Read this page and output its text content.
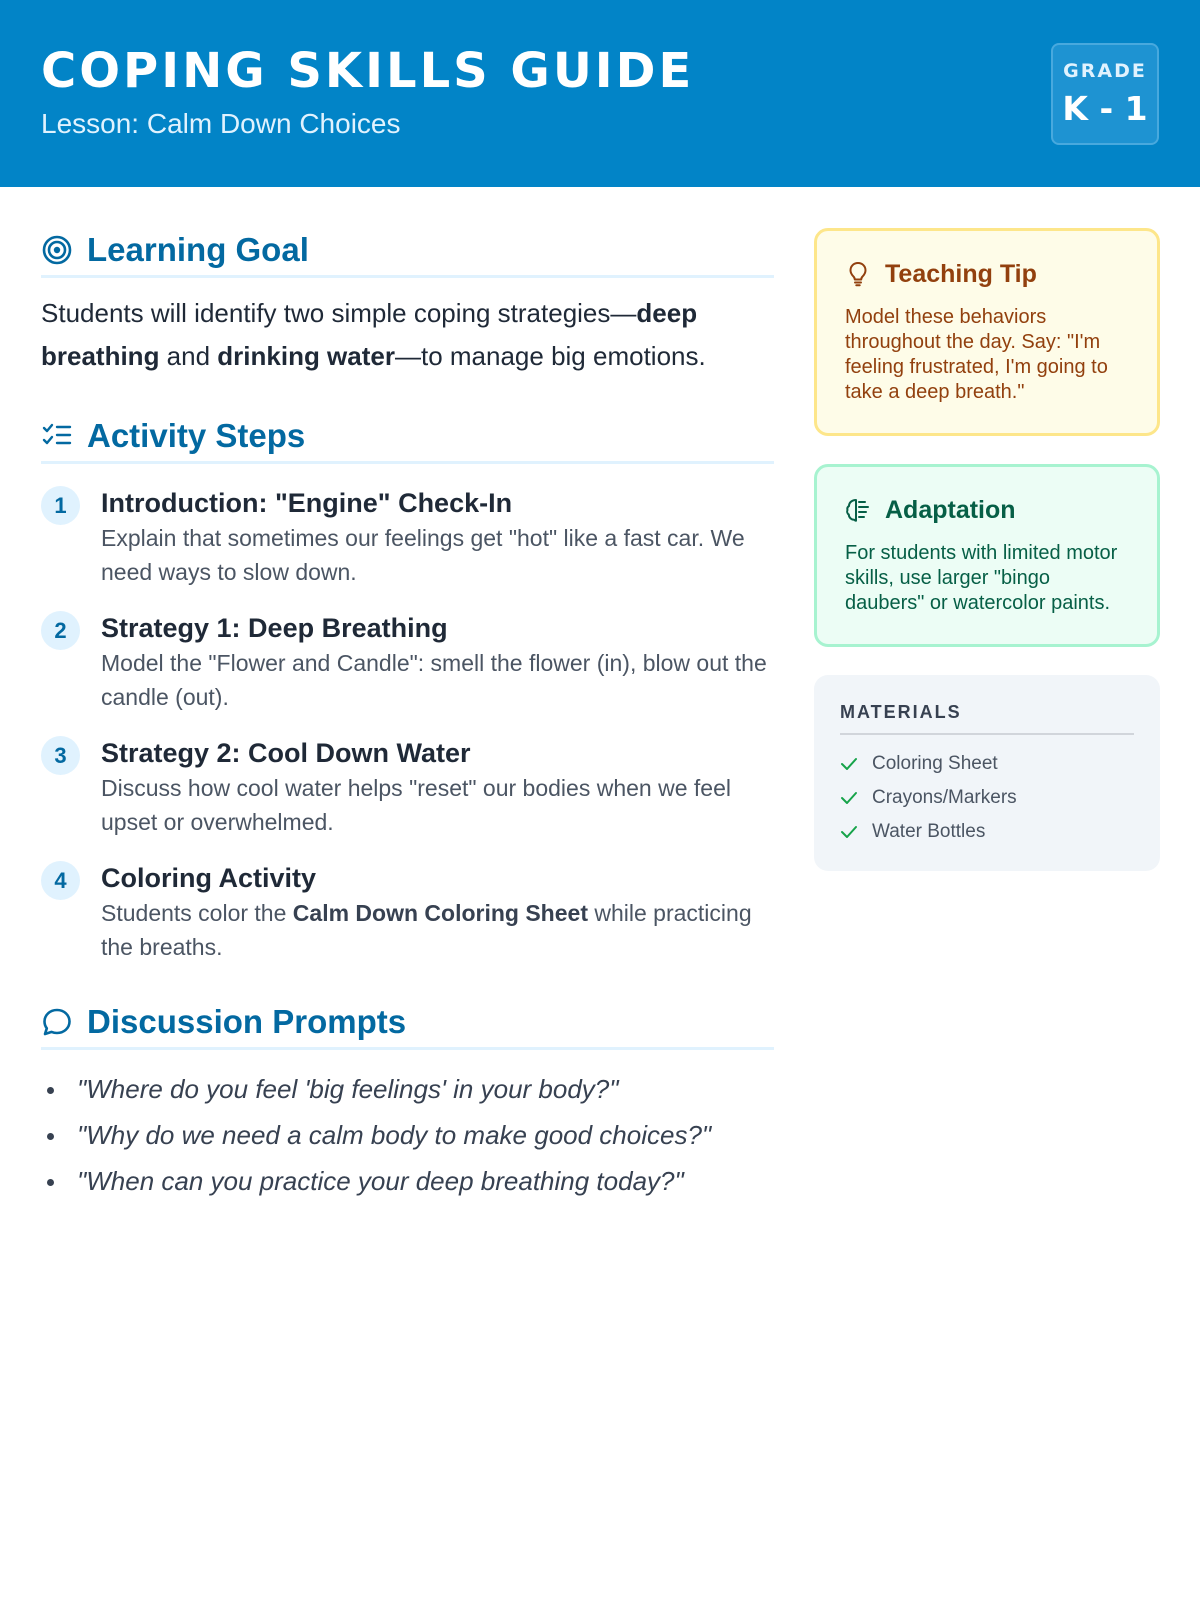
COPING SKILLS GUIDE
Lesson: Calm Down Choices
GRADE
K - 1
Learning Goal

Students will identify two simple coping strategies—deep breathing and drinking water—to manage big emotions.

Activity Steps
1	Introduction: "Engine" Check-In
Explain that sometimes our feelings get "hot" like a fast car. We need ways to slow down.
2	Strategy 1: Deep Breathing
Model the "Flower and Candle": smell the flower (in), blow out the candle (out).
3	Strategy 2: Cool Down Water
Discuss how cool water helps "reset" our bodies when we feel upset or overwhelmed.
4	Coloring Activity
Students color the Calm Down Coloring Sheet while practicing the breaths.
Discussion Prompts
"Where do you feel 'big feelings' in your body?"
"Why do we need a calm body to make good choices?"
"When can you practice your deep breathing today?"
Teaching Tip
Model these behaviors throughout the day. Say: "I'm feeling frustrated, I'm going to take a deep breath."
Adaptation
For students with limited motor skills, use larger "bingo daubers" or watercolor paints.
MATERIALS
Coloring Sheet
Crayons/Markers
Water Bottles
